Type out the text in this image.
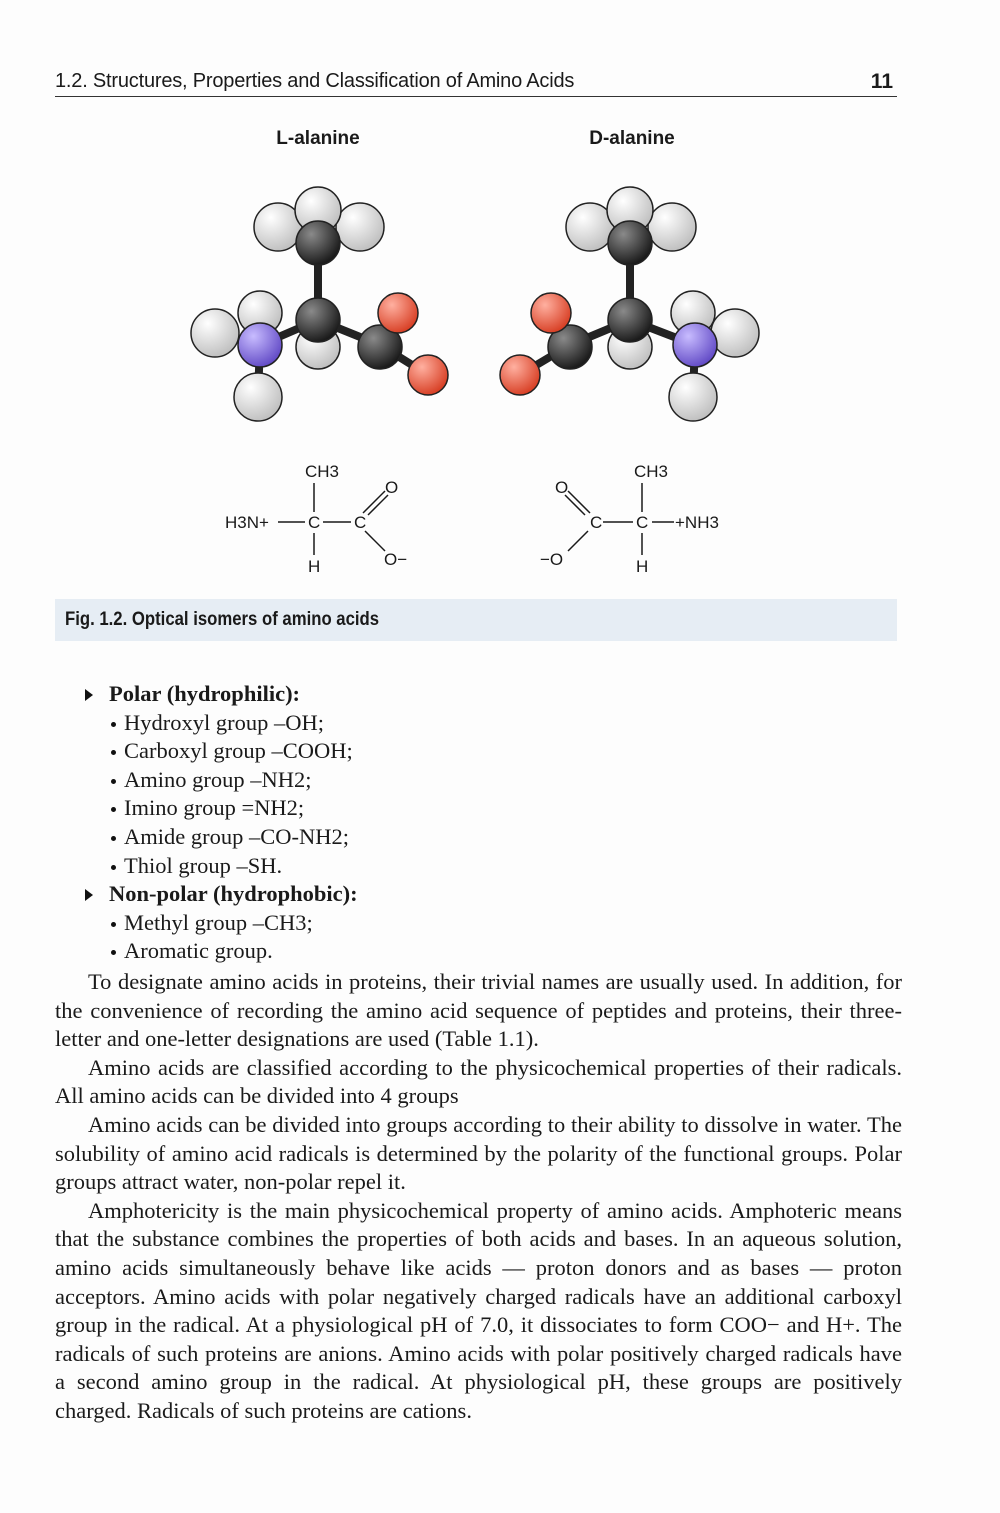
1.2. Structures, Properties and Classification of Amino Acids	11
L-alanine	D-alanine
CH3
H3N+ C C
O
O−
H
CH3
C C +NH3
O
−O	H
Fig. 1.2. Optical isomers of amino acids
Polar (hydrophilic):
Hydroxyl group –OH;
Carboxyl group –COOH;
Amino group –NH2;
Imino group =NH2;
Amide group –CO-NH2;
Thiol group –SH.
Non-polar (hydrophobic):
Methyl group –CH3;
Aromatic group.

To designate amino acids in proteins, their trivial names are usually used. In addition, for the convenience of recording the amino acid sequence of peptides and proteins, their three-letter and one-letter designations are used (Table 1.1).

Amino acids are classified according to the physicochemical properties of their radicals. All amino acids can be divided into 4 groups

Amino acids can be divided into groups according to their ability to dissolve in water. The solubility of amino acid radicals is determined by the polarity of the functional groups. Polar groups attract water, non-polar repel it.

Amphotericity is the main physicochemical property of amino acids. Amphoteric means that the substance combines the properties of both acids and bases. In an aqueous solution, amino acids simultaneously behave like acids — proton donors and as bases — proton acceptors. Amino acids with polar negatively charged radicals have an additional carboxyl group in the radical. At a physiological pH of 7.0, it dissociates to form COO− and H+. The radicals of such proteins are anions. Amino acids with polar positively charged radicals have a second amino group in the radical. At physiological pH, these groups are positively charged. Radicals of such proteins are cations.
